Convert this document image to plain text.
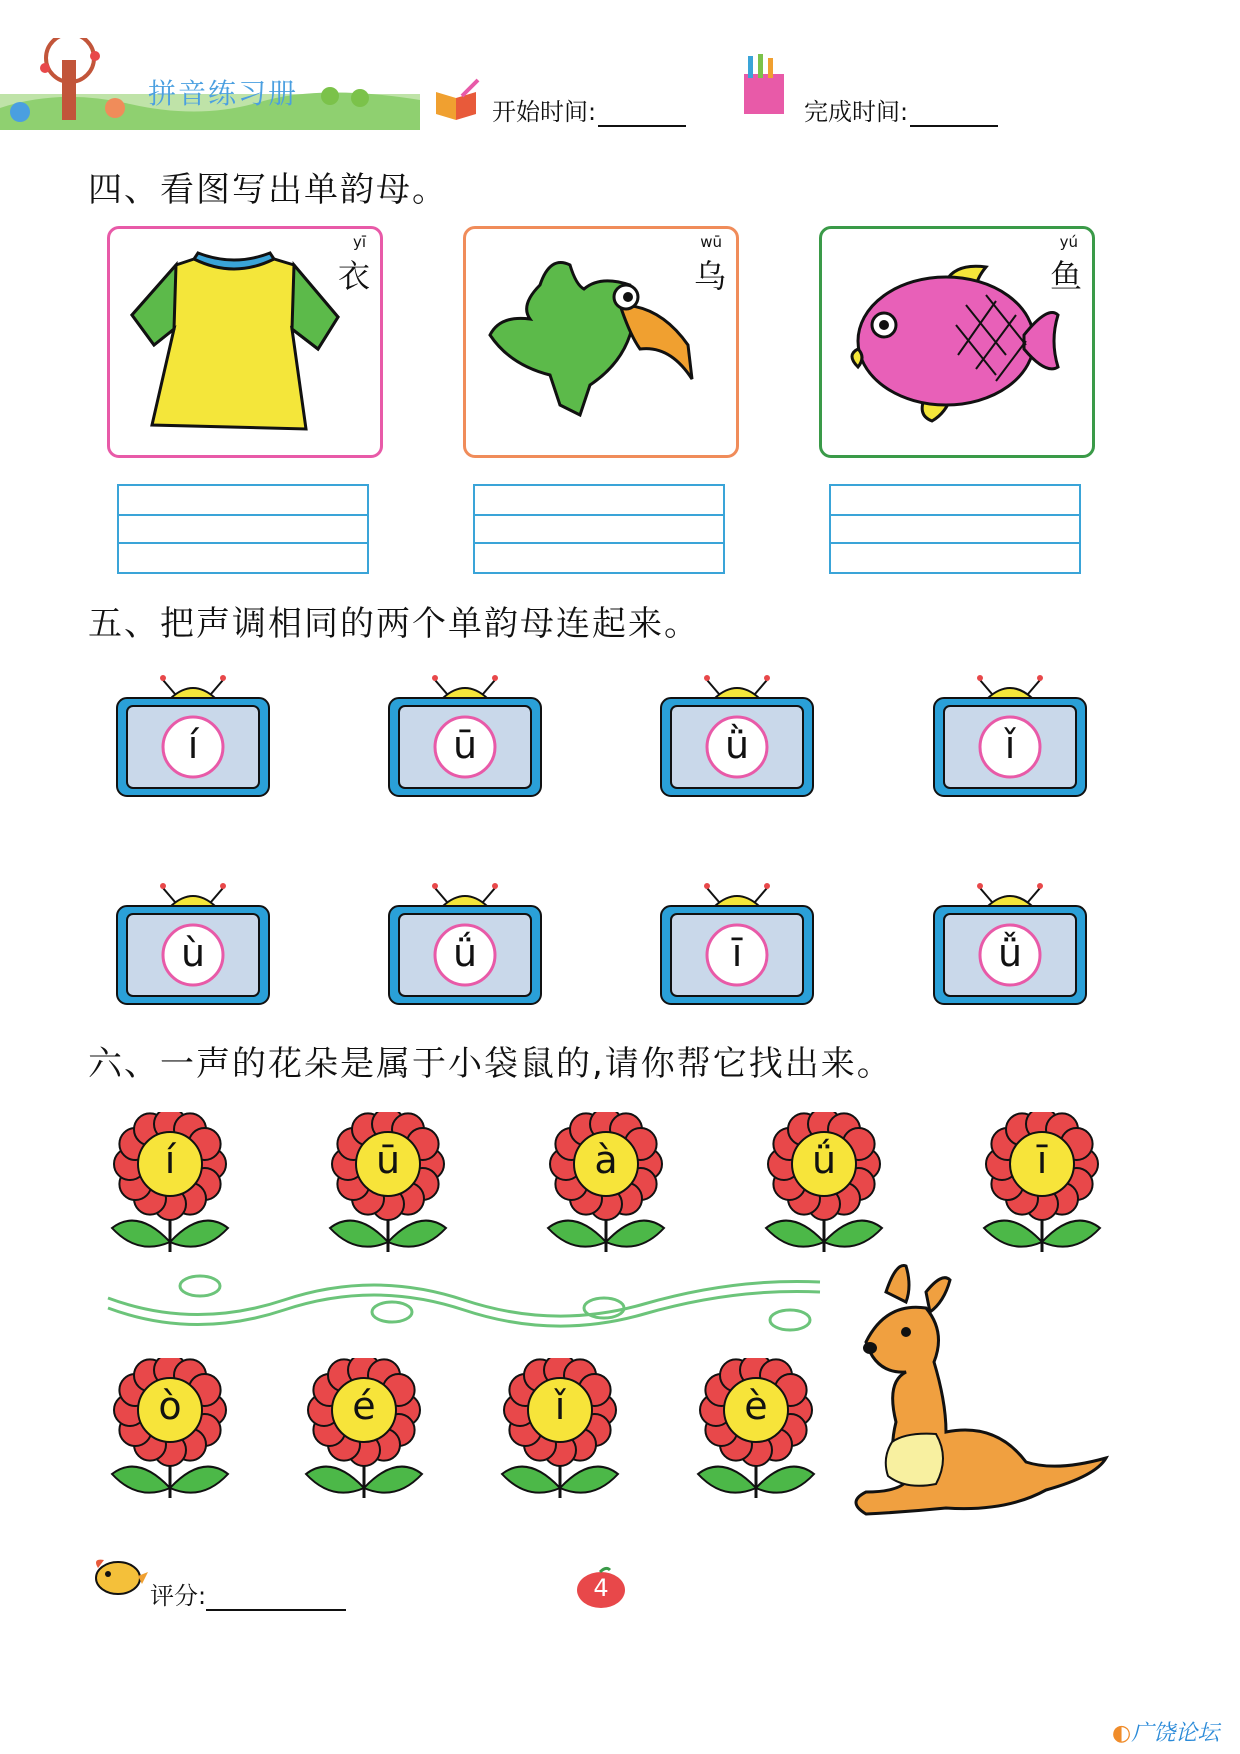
拼音练习册
开始时间:	完成时间:
四、看图写出单韵母。
yī
衣
wū
乌
yú
鱼
五、把声调相同的两个单韵母连起来。
í	ū	ǜ	ǐ
ù	ǘ	ī	ǚ
六、一声的花朵是属于小袋鼠的,请你帮它找出来。
í	ū	à	ǘ	ī
ò	é	ǐ	è
评分:	4
◐广饶论坛
